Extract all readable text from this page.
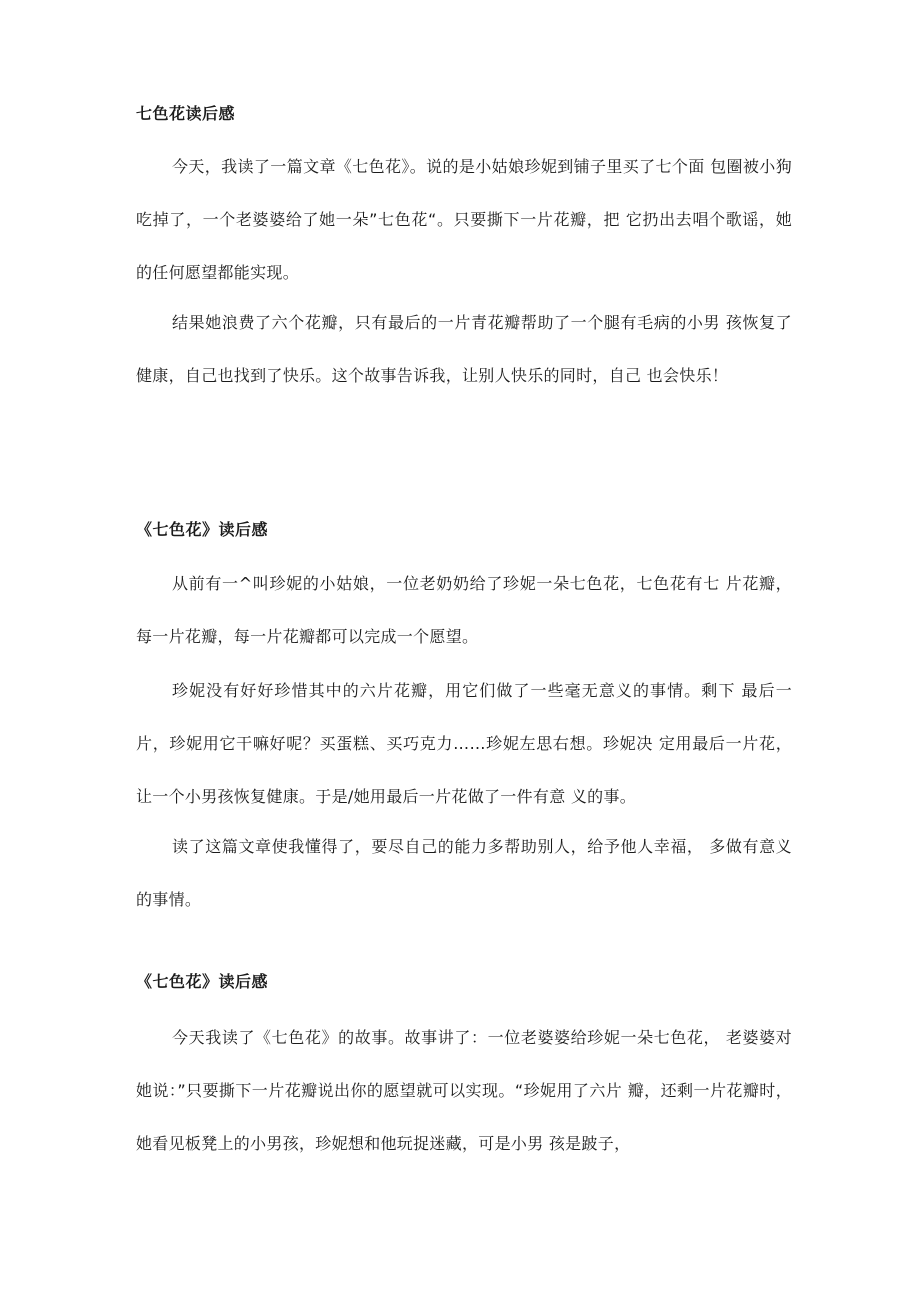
七色花读后感

今天，我读了一篇文章《七色花》。说的是小姑娘珍妮到铺子里买了七个面 包圈被小狗吃掉了，一个老婆婆给了她一朵”七色花“。只要撕下一片花瓣，把 它扔出去唱个歌谣，她的任何愿望都能实现。

结果她浪费了六个花瓣，只有最后的一片青花瓣帮助了一个腿有毛病的小男 孩恢复了健康，自己也找到了快乐。这个故事告诉我，让别人快乐的同时，自己 也会快乐！

《七色花》读后感

从前有一^叫珍妮的小姑娘，一位老奶奶给了珍妮一朵七色花，七色花有七 片花瓣，每一片花瓣，每一片花瓣都可以完成一个愿望。

珍妮没有好好珍惜其中的六片花瓣，用它们做了一些毫无意义的事情。剩下 最后一片，珍妮用它干嘛好呢？买蛋糕、买巧克力……珍妮左思右想。珍妮决 定用最后一片花，让一个小男孩恢复健康。于是/她用最后一片花做了一件有意 义的事。

读了这篇文章使我懂得了，要尽自己的能力多帮助别人，给予他人幸福， 多做有意义的事情。

《七色花》读后感

今天我读了《七色花》的故事。故事讲了：一位老婆婆给珍妮一朵七色花， 老婆婆对她说：”只要撕下一片花瓣说出你的愿望就可以实现。“珍妮用了六片 瓣，还剩一片花瓣时，她看见板凳上的小男孩，珍妮想和他玩捉迷藏，可是小男 孩是跛子，
